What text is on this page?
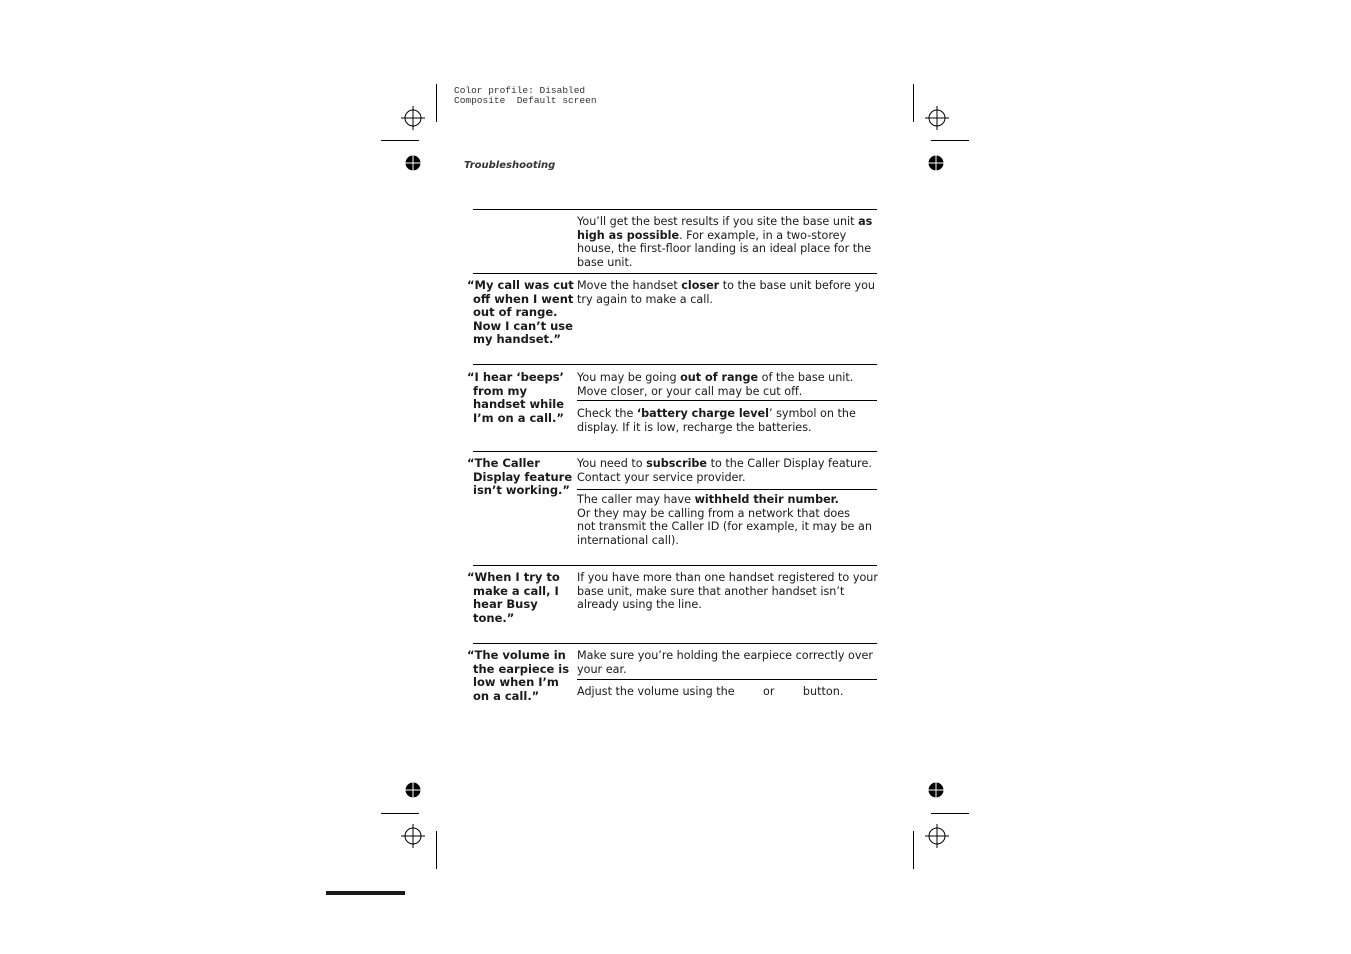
Color profile: Disabled
Composite  Default screen
Troubleshooting
You’ll get the best results if you site the base unit as high as possible. For example, in a two-storey house, the first-floor landing is an ideal place for the base unit.
“My call was cut off when I went out of range. Now I can’t use my handset.”
Move the handset closer to the base unit before you try again to make a call.
“I hear ‘beeps’ from my handset while I’m on a call.”
You may be going out of range of the base unit. Move closer, or your call may be cut off.
Check the ‘battery charge level’ symbol on the display. If it is low, recharge the batteries.
“The Caller Display feature isn’t working.”
You need to subscribe to the Caller Display feature. Contact your service provider.
The caller may have withheld their number.
Or they may be calling from a network that does
not transmit the Caller ID (for example, it may be an international call).
“When I try to make a call, I hear Busy tone.”
If you have more than one handset registered to your base unit, make sure that another handset isn’t already using the line.
“The volume in the earpiece is low when I’m on a call.”
Make sure you’re holding the earpiece correctly over your ear.
Adjust the volume using the        or        button.
